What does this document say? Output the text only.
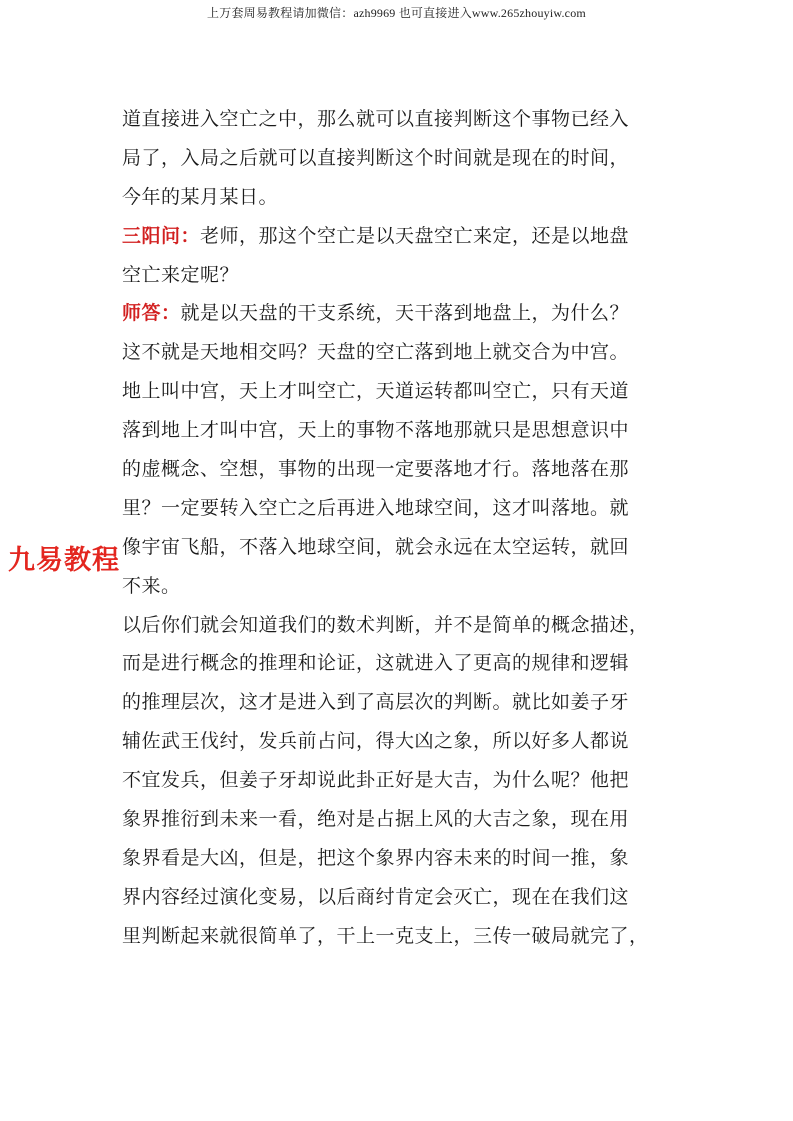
上万套周易教程请加微信：azh9969 也可直接进入www.265zhouyiw.com
道直接进入空亡之中，那么就可以直接判断这个事物已经入
局了，入局之后就可以直接判断这个时间就是现在的时间，
今年的某月某日。
三阳问：老师，那这个空亡是以天盘空亡来定，还是以地盘
空亡来定呢？
师答：就是以天盘的干支系统，天干落到地盘上，为什么？
这不就是天地相交吗？天盘的空亡落到地上就交合为中宫。
地上叫中宫，天上才叫空亡，天道运转都叫空亡，只有天道
落到地上才叫中宫，天上的事物不落地那就只是思想意识中
的虚概念、空想，事物的出现一定要落地才行。落地落在那
里？一定要转入空亡之后再进入地球空间，这才叫落地。就
像宇宙飞船，不落入地球空间，就会永远在太空运转，就回
不来。
以后你们就会知道我们的数术判断，并不是简单的概念描述，
而是进行概念的推理和论证，这就进入了更高的规律和逻辑
的推理层次，这才是进入到了高层次的判断。就比如姜子牙
辅佐武王伐纣，发兵前占问，得大凶之象，所以好多人都说
不宜发兵，但姜子牙却说此卦正好是大吉，为什么呢？他把
象界推衍到未来一看，绝对是占据上风的大吉之象，现在用
象界看是大凶，但是，把这个象界内容未来的时间一推，象
界内容经过演化变易，以后商纣肯定会灭亡，现在在我们这
里判断起来就很简单了，干上一克支上，三传一破局就完了，
九易教程
